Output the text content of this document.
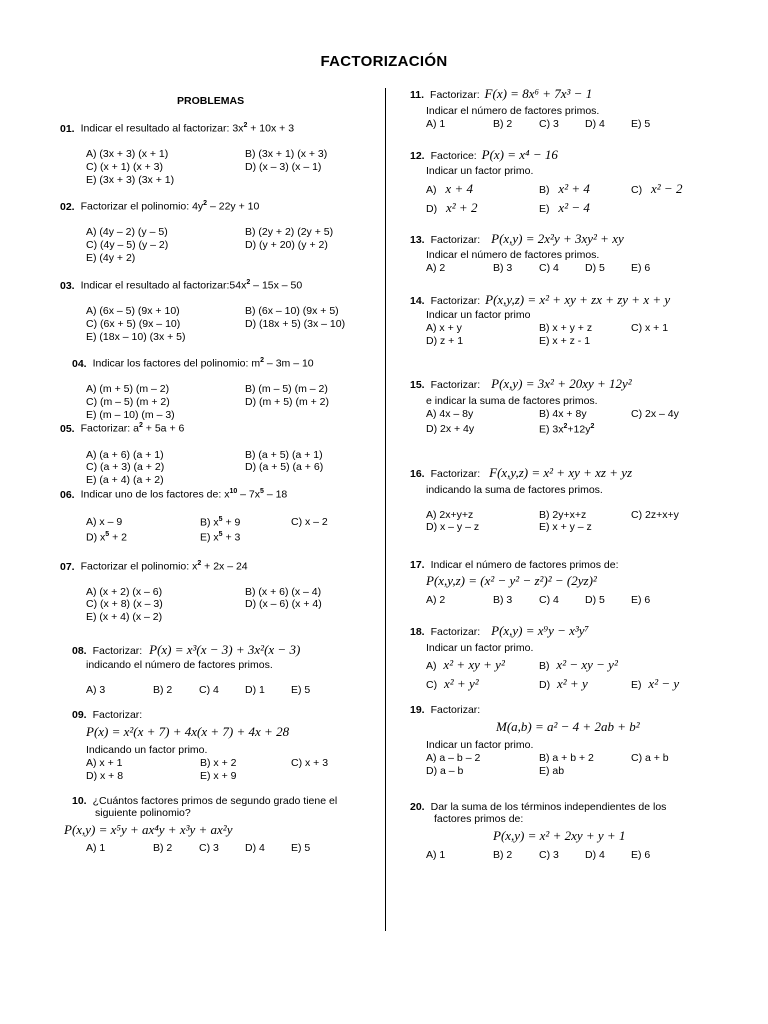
FACTORIZACIÓN
PROBLEMAS
01. Indicar el resultado al factorizar: $3x^2 + 10x + 3$
A) (3x + 3) (x + 1)	B) (3x + 1) (x + 3)
C) (x + 1) (x + 3)	D) (x – 3) (x – 1)
E) (3x + 3) (3x + 1)
02. Factorizar el polinomio: $4y^2 - 22y + 10$
A) (4y – 2) (y – 5)	B) (2y + 2) (2y + 5)
C) (4y – 5) (y – 2)	D) (y + 20) (y + 2)
E) (4y + 2)
03. Indicar el resultado al $factorizar:54x^2 - 15x - 50$
A) (6x – 5) (9x + 10)	B) (6x – 10) (9x + 5)
C) (6x + 5) (9x – 10)	D) (18x + 5) (3x – 10)
E) (18x – 10) (3x + 5)
04. Indicar los factores del polinomio: $m^2 - 3m - 10$
A) (m + 5) (m – 2)	B) (m – 5) (m – 2)
C) (m – 5) (m + 2)	D) (m + 5) (m + 2)
E) (m – 10) (m – 3)
05. Factorizar: $a^2 + 5a + 6$
A) (a + 6) (a + 1)	B) (a + 5) (a + 1)
C) (a + 3) (a + 2)	D) (a + 5) (a + 6)
E) (a + 4) (a + 2)
06. Indicar uno de los factores de: $x^{10} - 7x^5 - 18$
A) x – 9	B) $x^5 + 9$	C) x – 2
D) $x^5 + 2$	E) $x^5 + 3$
07. Factorizar el polinomio: $x^2 + 2x - 24$
A) (x + 2) (x – 6)	B) (x + 6) (x – 4)
C) (x + 8) (x – 3)	D) (x – 6) (x + 4)
E) (x + 4) (x – 2)
08. Factorizar: P(x) = x³(x − 3) + 3x²(x − 3)
indicando el número de factores primos.
A) 3	B) 2	C) 4 D) 1 E) 5
09. Factorizar:
P(x) = x²(x + 7) + 4x(x + 7) + 4x + 28
Indicando un factor primo.
A) x + 1	B) x + 2	C) x + 3
D) x + 8	E) x + 9
10. ¿Cuántos factores primos de segundo grado tiene el
siguiente polinomio?
P(x,y) = x⁵y + ax⁴y + x³y + ax²y
A) 1	B) 2	C) 3 D) 4 E) 5
11. Factorizar: F(x) = 8x⁶ + 7x³ − 1
Indicar el número de factores primos.
A) 1	B) 2	C) 3 D) 4 E) 5
12. Factorice: P(x) = x⁴ − 16
Indicar un factor primo.
A) x + 4	B) x² + 4	C) x² − 2
D) x² + 2	E) x² − 4
13. Factorizar: P(x,y) = 2x²y + 3xy² + xy
Indicar el número de factores primos.
A) 2	B) 3	C) 4 D) 5 E) 6
14. Factorizar: P(x,y,z) = x² + xy + zx + zy + x + y
Indicar un factor primo
A) x + y	B) x + y + z	C) x + 1
D) z + 1	E) x + z - 1
15. Factorizar: P(x,y) = 3x² + 20xy + 12y²
e indicar la suma de factores primos.
A) 4x – 8y	B) 4x + 8y	C) 2x – 4y
D) 2x + 4y	E) $3x^2+12y^2$
16. Factorizar: F(x,y,z) = x² + xy + xz + yz
indicando la suma de factores primos.
A) 2x+y+z	B) 2y+x+z	C) 2z+x+y
D) x – y – z	E) x + y – z
17. Indicar el número de factores primos de:
P(x,y,z) = (x² − y² − z²)² − (2yz)²
A) 2	B) 3	C) 4 D) 5 E) 6
18. Factorizar: P(x,y) = x⁹y − x³y⁷
Indicar un factor primo.
A) x² + xy + y²	B) x² − xy − y²
C) x² + y²	D) x² + y	E) x² − y
19. Factorizar:
M(a,b) = a² − 4 + 2ab + b²
Indicar un factor primo.
A) a – b – 2	B) a + b + 2	C) a + b
D) a – b	E) ab
20. Dar la suma de los términos independientes de los
factores primos de:
P(x,y) = x² + 2xy + y + 1
A) 1	B) 2	C) 3 D) 4 E) 6
